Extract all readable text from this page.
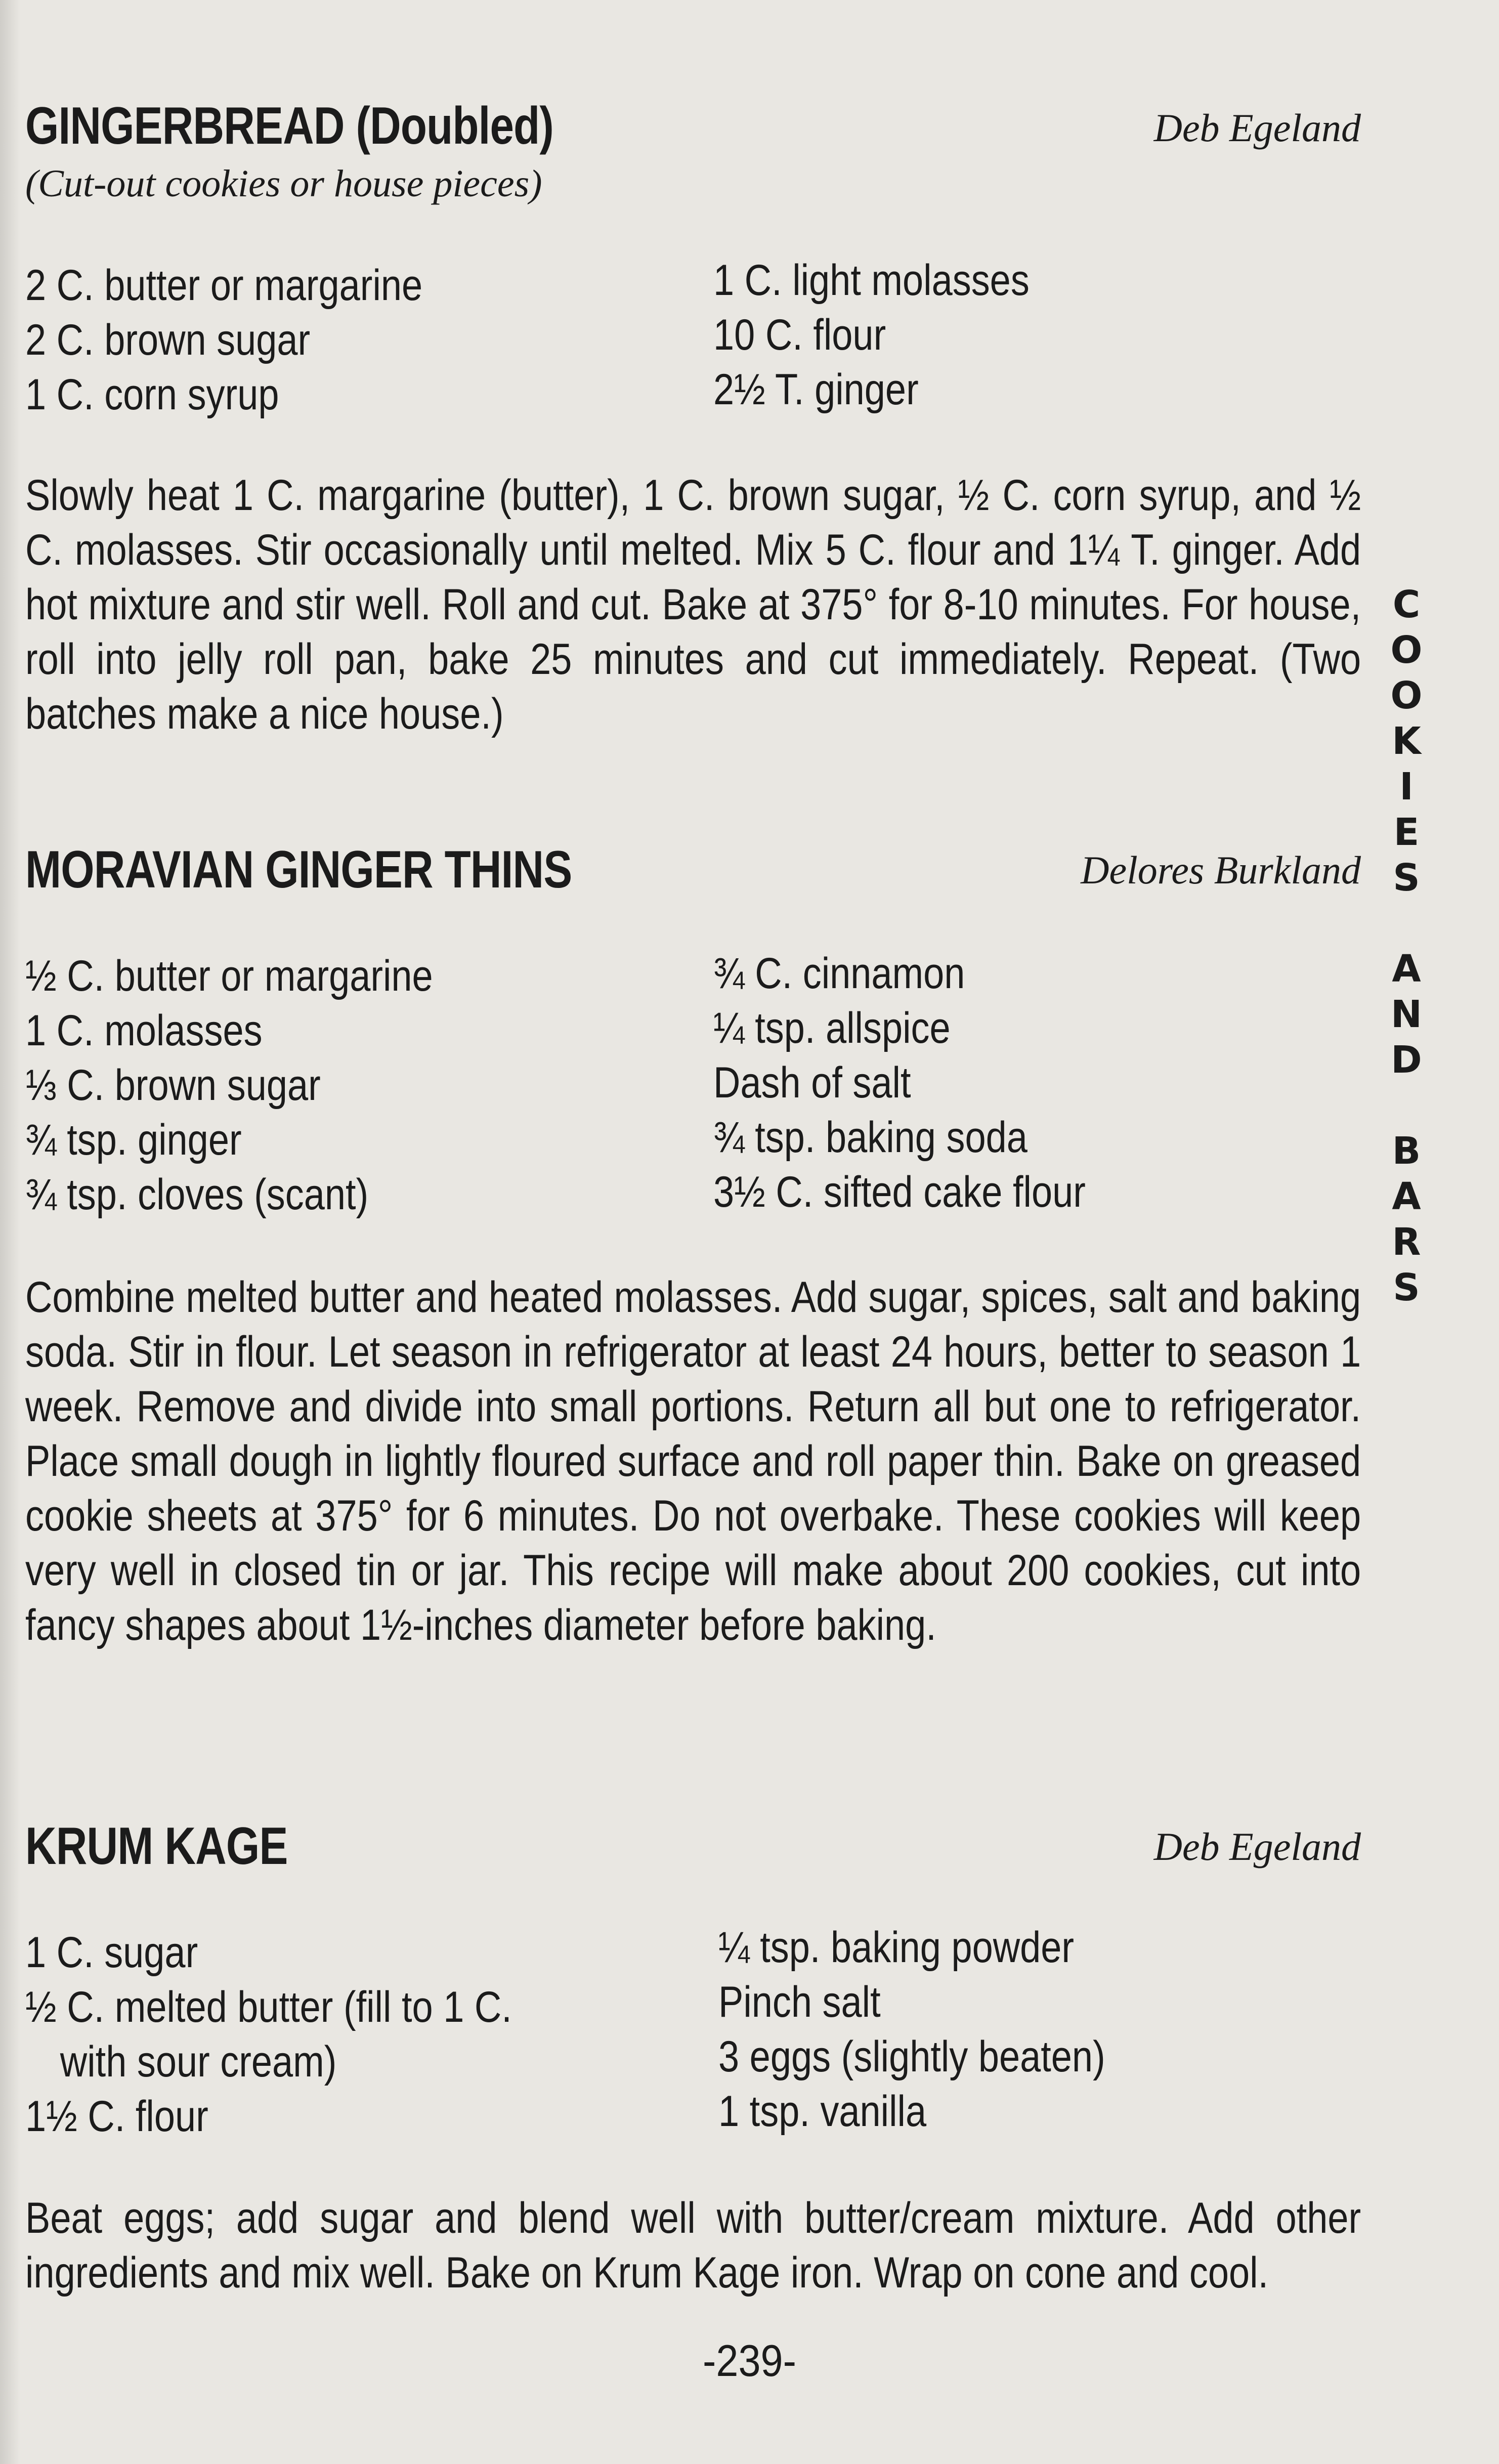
GINGERBREAD (Doubled)	Deb Egeland
(Cut-out cookies or house pieces)
2 C. butter or margarine
2 C. brown sugar
1 C. corn syrup
1 C. light molasses
10 C. flour
2½ T. ginger

Slowly heat 1 C. margarine (butter), 1 C. brown sugar, ½ C. corn syrup, and ½ C. molasses. Stir occasionally until melted. Mix 5 C. flour and 1¼ T. ginger. Add hot mixture and stir well. Roll and cut. Bake at 375° for 8-10 minutes. For house, roll into jelly roll pan, bake 25 minutes and cut immediately. Repeat. (Two batches make a nice house.)

MORAVIAN GINGER THINS	Delores Burkland
½ C. butter or margarine
1 C. molasses
⅓ C. brown sugar
¾ tsp. ginger
¾ tsp. cloves (scant)
¾ C. cinnamon
¼ tsp. allspice
Dash of salt
¾ tsp. baking soda
3½ C. sifted cake flour

Combine melted butter and heated molasses. Add sugar, spices, salt and baking soda. Stir in flour. Let season in refrigerator at least 24 hours, better to season 1 week. Remove and divide into small portions. Return all but one to refrigerator. Place small dough in lightly floured surface and roll paper thin. Bake on greased cookie sheets at 375° for 6 minutes. Do not overbake. These cookies will keep very well in closed tin or jar. This recipe will make about 200 cookies, cut into fancy shapes about 1½-inches diameter before baking.

KRUM KAGE	Deb Egeland
1 C. sugar
½ C. melted butter (fill to 1 C.
with sour cream)
1½ C. flour
¼ tsp. baking powder
Pinch salt
3 eggs (slightly beaten)
1 tsp. vanilla

Beat eggs; add sugar and blend well with butter/cream mixture. Add other ingredients and mix well. Bake on Krum Kage iron. Wrap on cone and cool.

C
O
O
K
I
E
S
A
N
D
B
A
R
S
-239-
